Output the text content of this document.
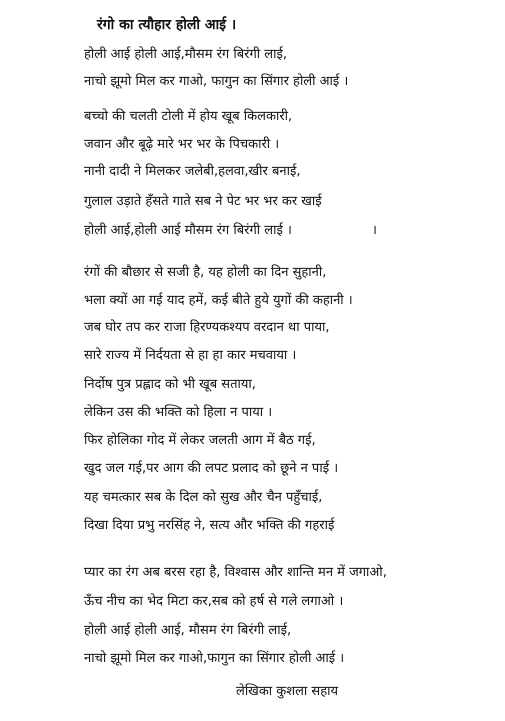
रंगो का त्यौहार होली आई ।
होली आई होली आई,मौसम रंग बिरंगी लाई,
नाचो झूमो मिल कर गाओ, फागुन का सिंगार होली आई ।
बच्चो की चलती टोली में होय खूब किलकारी,
जवान और बूढ़े मारे भर भर के पिचकारी ।
नानी दादी ने मिलकर जलेबी,हलवा,खीर बनाई,
गुलाल उड़ाते हँसते गाते सब ने पेट भर भर कर खाई
होली आई,होली आई मौसम रंग बिरंगी लाई ।	।
रंगों की बौछार से सजी है, यह होली का दिन सुहानी,
भला क्यों आ गई याद हमें, कई बीते हुये युगों की कहानी ।
जब घोर तप कर राजा हिरण्यकश्यप वरदान था पाया,
सारे राज्य में निर्दयता से हा हा कार मचवाया ।
निर्दोष पुत्र प्रह्लाद को भी खूब सताया,
लेकिन उस की भक्ति को हिला न पाया ।
फिर होलिका गोद में लेकर जलती आग में बैठ गई,
खुद जल गई,पर आग की लपट प्रलाद को छूने न पाई ।
यह चमत्कार सब के दिल को सुख और चैन पहुँचाई,
दिखा दिया प्रभु नरसिंह ने, सत्य और भक्ति की गहराई
प्यार का रंग अब बरस रहा है, विश्वास और शान्ति मन में जगाओ,
ऊँच नीच का भेद मिटा कर,सब को हर्ष से गले लगाओ ।
होली आई होली आई, मौसम रंग बिरंगी लाई,
नाचो झूमो मिल कर गाओ,फागुन का सिंगार होली आई ।
लेखिका कुशला सहाय
